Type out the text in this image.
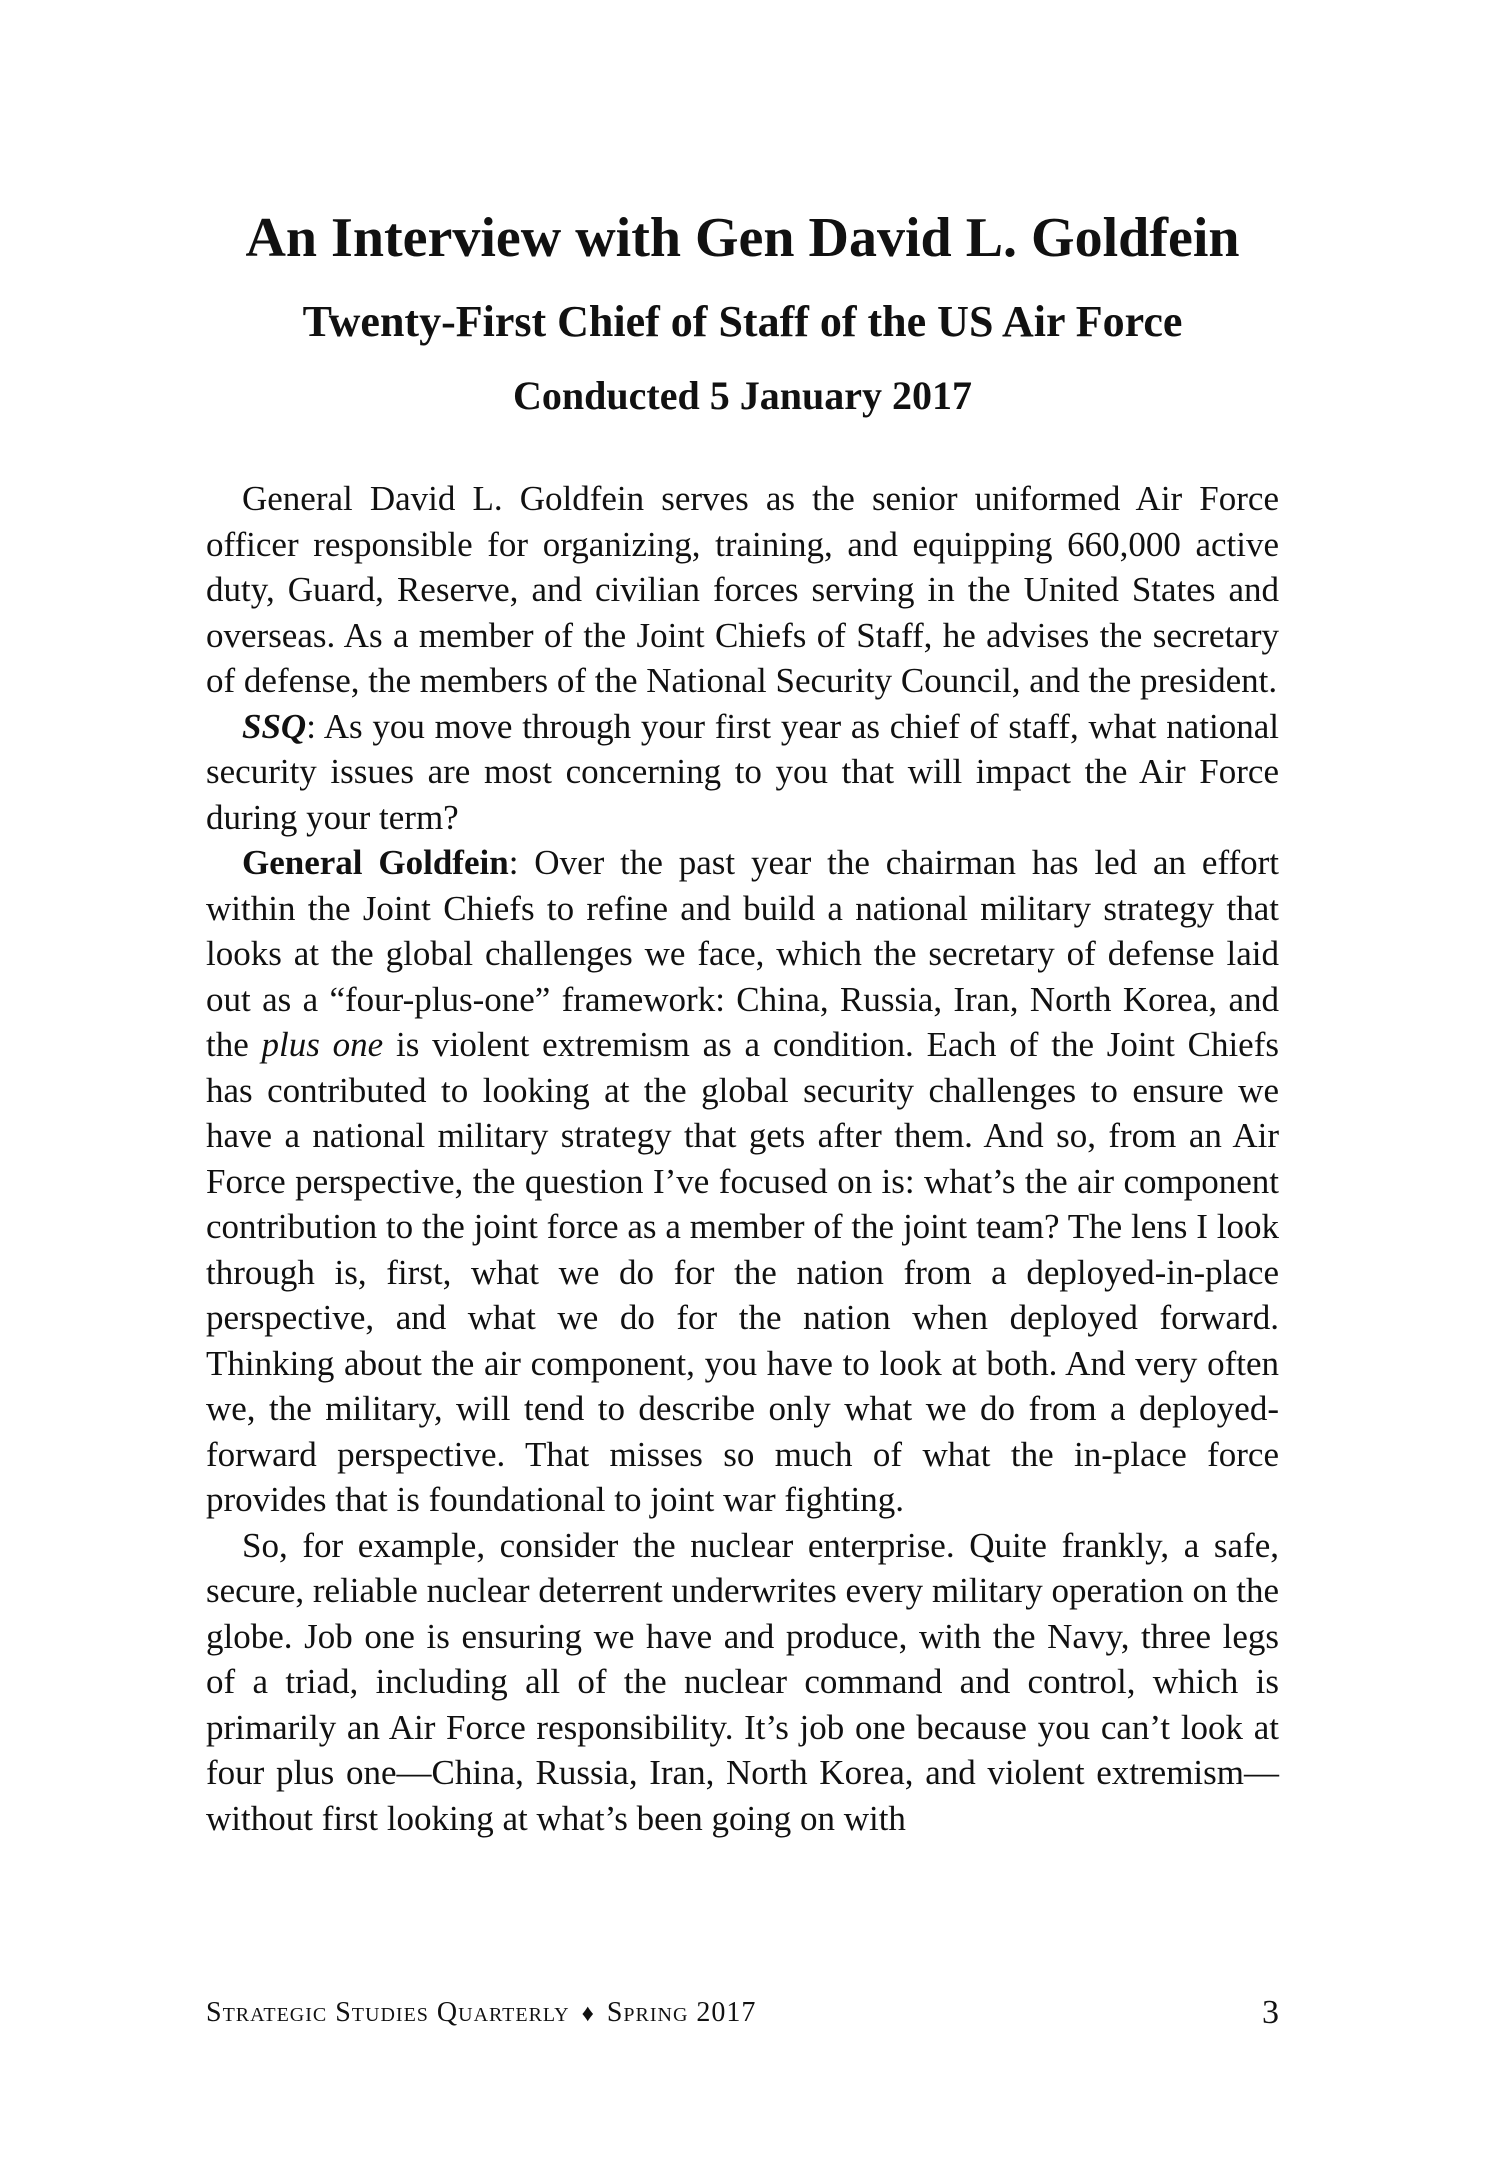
An Interview with Gen David L. Goldfein
Twenty-First Chief of Staff of the US Air Force
Conducted 5 January 2017

General David L. Goldfein serves as the senior uniformed Air Force officer responsible for organizing, training, and equipping 660,000 active duty, Guard, Reserve, and civilian forces serving in the United States and overseas. As a member of the Joint Chiefs of Staff, he advises the secretary of defense, the members of the National Security Council, and the president.

SSQ: As you move through your first year as chief of staff, what national security issues are most concerning to you that will impact the Air Force during your term?

General Goldfein: Over the past year the chairman has led an effort within the Joint Chiefs to refine and build a national military strategy that looks at the global challenges we face, which the secretary of defense laid out as a “four-plus-one” framework: China, Russia, Iran, North Korea, and the plus one is violent extremism as a condition. Each of the Joint Chiefs has contributed to looking at the global security challenges to ensure we have a national military strategy that gets after them. And so, from an Air Force perspective, the question I’ve focused on is: what’s the air component contribution to the joint force as a member of the joint team? The lens I look through is, first, what we do for the nation from a deployed-in-place perspective, and what we do for the nation when deployed forward. Thinking about the air component, you have to look at both. And very often we, the military, will tend to describe only what we do from a deployed-forward perspective. That misses so much of what the in-place force provides that is foundational to joint war fighting.

So, for example, consider the nuclear enterprise. Quite frankly, a safe, secure, reliable nuclear deterrent underwrites every military operation on the globe. Job one is ensuring we have and produce, with the Navy, three legs of a triad, including all of the nuclear command and control, which is primarily an Air Force responsibility. It’s job one because you can’t look at four plus one—China, Russia, Iran, North Korea, and violent extremism—without first looking at what’s been going on with

Strategic Studies Quarterly ♦ Spring 2017	3
